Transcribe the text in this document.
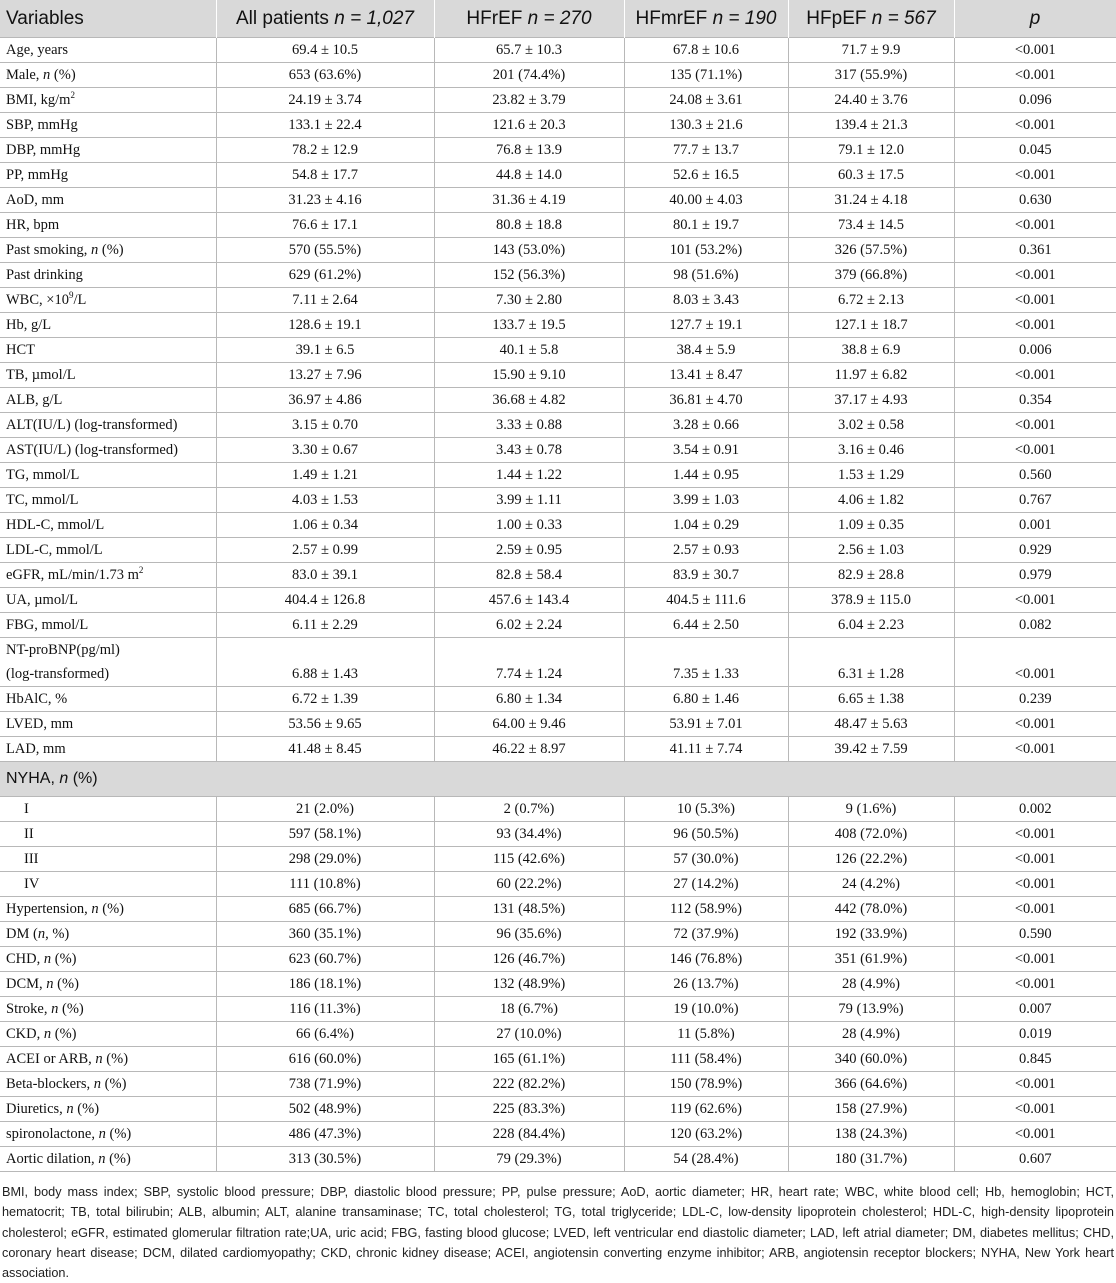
Variables	All patients n = 1,027	HFrEF n = 270	HFmrEF n = 190	HFpEF n = 567	p
Age, years	69.4 ± 10.5	65.7 ± 10.3	67.8 ± 10.6	71.7 ± 9.9	<0.001
Male, n (%)	653 (63.6%)	201 (74.4%)	135 (71.1%)	317 (55.9%)	<0.001
BMI, $kg/m^2$	24.19 ± 3.74	23.82 ± 3.79	24.08 ± 3.61	24.40 ± 3.76	0.096
SBP, mmHg	133.1 ± 22.4	121.6 ± 20.3	130.3 ± 21.6	139.4 ± 21.3	<0.001
DBP, mmHg	78.2 ± 12.9	76.8 ± 13.9	77.7 ± 13.7	79.1 ± 12.0	0.045
PP, mmHg	54.8 ± 17.7	44.8 ± 14.0	52.6 ± 16.5	60.3 ± 17.5	<0.001
AoD, mm	31.23 ± 4.16	31.36 ± 4.19	40.00 ± 4.03	31.24 ± 4.18	0.630
HR, bpm	76.6 ± 17.1	80.8 ± 18.8	80.1 ± 19.7	73.4 ± 14.5	<0.001
Past smoking, n (%)	570 (55.5%)	143 (53.0%)	101 (53.2%)	326 (57.5%)	0.361
Past drinking	629 (61.2%)	152 (56.3%)	98 (51.6%)	379 (66.8%)	<0.001
WBC, $\times 10^9/L$	7.11 ± 2.64	7.30 ± 2.80	8.03 ± 3.43	6.72 ± 2.13	<0.001
Hb, g/L	128.6 ± 19.1	133.7 ± 19.5	127.7 ± 19.1	127.1 ± 18.7	<0.001
HCT	39.1 ± 6.5	40.1 ± 5.8	38.4 ± 5.9	38.8 ± 6.9	0.006
TB, µmol/L	13.27 ± 7.96	15.90 ± 9.10	13.41 ± 8.47	11.97 ± 6.82	<0.001
ALB, g/L	36.97 ± 4.86	36.68 ± 4.82	36.81 ± 4.70	37.17 ± 4.93	0.354
ALT(IU/L) (log-transformed)	3.15 ± 0.70	3.33 ± 0.88	3.28 ± 0.66	3.02 ± 0.58	<0.001
AST(IU/L) (log-transformed)	3.30 ± 0.67	3.43 ± 0.78	3.54 ± 0.91	3.16 ± 0.46	<0.001
TG, mmol/L	1.49 ± 1.21	1.44 ± 1.22	1.44 ± 0.95	1.53 ± 1.29	0.560
TC, mmol/L	4.03 ± 1.53	3.99 ± 1.11	3.99 ± 1.03	4.06 ± 1.82	0.767
HDL-C, mmol/L	1.06 ± 0.34	1.00 ± 0.33	1.04 ± 0.29	1.09 ± 0.35	0.001
LDL-C, mmol/L	2.57 ± 0.99	2.59 ± 0.95	2.57 ± 0.93	2.56 ± 1.03	0.929
eGFR, mL/min/1.73 $m^2$	83.0 ± 39.1	82.8 ± 58.4	83.9 ± 30.7	82.9 ± 28.8	0.979
UA, µmol/L	404.4 ± 126.8	457.6 ± 143.4	404.5 ± 111.6	378.9 ± 115.0	<0.001
FBG, mmol/L	6.11 ± 2.29	6.02 ± 2.24	6.44 ± 2.50	6.04 ± 2.23	0.082
NT-proBNP(pg/ml)					
(log-transformed)	6.88 ± 1.43	7.74 ± 1.24	7.35 ± 1.33	6.31 ± 1.28	<0.001
HbAlC, %	6.72 ± 1.39	6.80 ± 1.34	6.80 ± 1.46	6.65 ± 1.38	0.239
LVED, mm	53.56 ± 9.65	64.00 ± 9.46	53.91 ± 7.01	48.47 ± 5.63	<0.001
LAD, mm	41.48 ± 8.45	46.22 ± 8.97	41.11 ± 7.74	39.42 ± 7.59	<0.001
NYHA, n (%)					
I	21 (2.0%)	2 (0.7%)	10 (5.3%)	9 (1.6%)	0.002
II	597 (58.1%)	93 (34.4%)	96 (50.5%)	408 (72.0%)	<0.001
III	298 (29.0%)	115 (42.6%)	57 (30.0%)	126 (22.2%)	<0.001
IV	111 (10.8%)	60 (22.2%)	27 (14.2%)	24 (4.2%)	<0.001
Hypertension, n (%)	685 (66.7%)	131 (48.5%)	112 (58.9%)	442 (78.0%)	<0.001
DM (n, %)	360 (35.1%)	96 (35.6%)	72 (37.9%)	192 (33.9%)	0.590
CHD, n (%)	623 (60.7%)	126 (46.7%)	146 (76.8%)	351 (61.9%)	<0.001
DCM, n (%)	186 (18.1%)	132 (48.9%)	26 (13.7%)	28 (4.9%)	<0.001
Stroke, n (%)	116 (11.3%)	18 (6.7%)	19 (10.0%)	79 (13.9%)	0.007
CKD, n (%)	66 (6.4%)	27 (10.0%)	11 (5.8%)	28 (4.9%)	0.019
ACEI or ARB, n (%)	616 (60.0%)	165 (61.1%)	111 (58.4%)	340 (60.0%)	0.845
Beta-blockers, n (%)	738 (71.9%)	222 (82.2%)	150 (78.9%)	366 (64.6%)	<0.001
Diuretics, n (%)	502 (48.9%)	225 (83.3%)	119 (62.6%)	158 (27.9%)	<0.001
spironolactone, n (%)	486 (47.3%)	228 (84.4%)	120 (63.2%)	138 (24.3%)	<0.001
Aortic dilation, n (%)	313 (30.5%)	79 (29.3%)	54 (28.4%)	180 (31.7%)	0.607
BMI, body mass index; SBP, systolic blood pressure; DBP, diastolic blood pressure; PP, pulse pressure; AoD, aortic diameter; HR, heart rate; WBC, white blood cell; Hb, hemoglobin; HCT, hematocrit; TB, total bilirubin; ALB, albumin; ALT, alanine transaminase; TC, total cholesterol; TG, total triglyceride; LDL-C, low-density lipoprotein cholesterol; HDL-C, high-density lipoprotein cholesterol; eGFR, estimated glomerular filtration rate;UA, uric acid; FBG, fasting blood glucose; LVED, left ventricular end diastolic diameter; LAD, left atrial diameter; DM, diabetes mellitus; CHD, coronary heart disease; DCM, dilated cardiomyopathy; CKD, chronic kidney disease; ACEI, angiotensin converting enzyme inhibitor; ARB, angiotensin receptor blockers; NYHA, New York heart association.
